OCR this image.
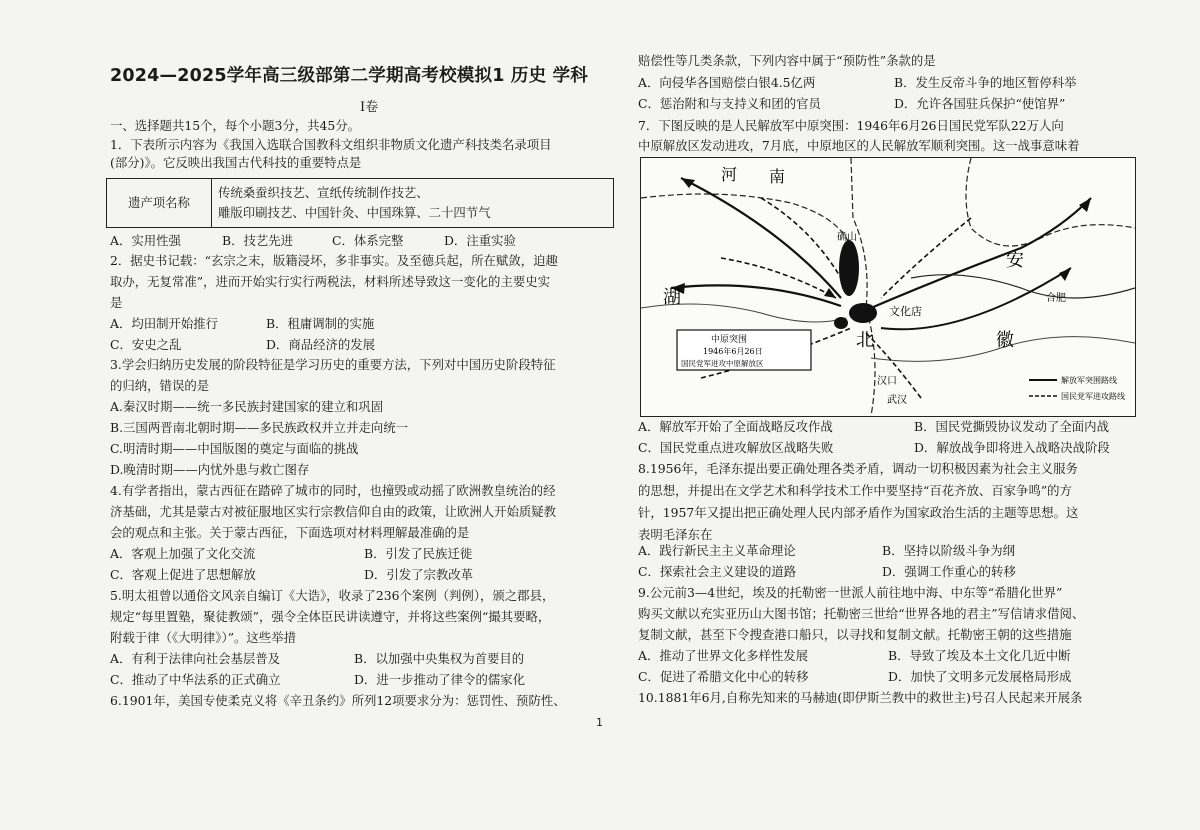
2024—2025学年高三级部第二学期高考校模拟1 历史 学科
I卷
一、选择题共15个，每个小题3分，共45分。
1．下表所示内容为《我国入选联合国教科文组织非物质文化遗产科技类名录项目
(部分)》。它反映出我国古代科技的重要特点是
遗产项名称	
传统桑蚕织技艺、宣纸传统制作技艺、
雕版印刷技艺、中国针灸、中国珠算、二十四节气
A．实用性强	B．技艺先进	C．体系完整	D．注重实验
2．据史书记载：“玄宗之末，版籍浸坏，多非事实。及至德兵起，所在赋敛，迫趣
取办，无复常准”，进而开始实行实行两税法，材料所述导致这一变化的主要史实
是
A．均田制开始推行	B．租庸调制的实施
C．安史之乱	D．商品经济的发展
3.学会归纳历史发展的阶段特征是学习历史的重要方法，下列对中国历史阶段特征
的归纳，错误的是
A.秦汉时期——统一多民族封建国家的建立和巩固
B.三国两晋南北朝时期——多民族政权并立并走向统一
C.明清时期——中国版图的奠定与面临的挑战
D.晚清时期——内忧外患与救亡图存
4.有学者指出，蒙古西征在踏碎了城市的同时，也撞毁或动摇了欧洲教皇统治的经
济基础，尤其是蒙古对被征服地区实行宗教信仰自由的政策，让欧洲人开始质疑教
会的观点和主张。关于蒙古西征，下面选项对材料理解最准确的是
A．客观上加强了文化交流	B．引发了民族迁徙
C．客观上促进了思想解放	D．引发了宗教改革
5.明太祖曾以通俗文风亲自编订《大诰》，收录了236个案例（判例），颁之郡县，
规定“每里置塾，聚徒教颂”，强令全体臣民讲读遵守，并将这些案例“撮其要略，
附载于律（《大明律》）”。这些举措
A．有利于法律向社会基层普及	B．以加强中央集权为首要目的
C．推动了中华法系的正式确立	D．进一步推动了律令的儒家化
6.1901年，美国专使柔克义将《辛丑条约》所列12项要求分为：惩罚性、预防性、
1
赔偿性等几类条款，下列内容中属于“预防性”条款的是
A．向侵华各国赔偿白银4.5亿两	B．发生反帝斗争的地区暂停科举
C．惩治附和与支持义和团的官员	D．允许各国驻兵保护“使馆界”
7．下图反映的是人民解放军中原突围：1946年6月26日国民党军队22万人向
中原解放区发动进攻，7月底，中原地区的人民解放军顺利突围。这一战事意味着
河 南
湖
北
安
徽
文化店
合肥
确山
汉口
武汉
中原突围
1946年6月26日
国民党军进攻中原解放区
解放军突围路线
国民党军进攻路线
A．解放军开始了全面战略反攻作战	B．国民党撕毁协议发动了全面内战
C．国民党重点进攻解放区战略失败	D．解放战争即将进入战略决战阶段
8.1956年，毛泽东提出要正确处理各类矛盾，调动一切积极因素为社会主义服务
的思想，并提出在文学艺术和科学技术工作中要坚持“百花齐放、百家争鸣”的方
针，1957年又提出把正确处理人民内部矛盾作为国家政治生活的主题等思想。这
表明毛泽东在
A．践行新民主主义革命理论	B．坚持以阶级斗争为纲
C．探索社会主义建设的道路	D．强调工作重心的转移
9.公元前3—4世纪，埃及的托勒密一世派人前往地中海、中东等“希腊化世界”
购买文献以充实亚历山大图书馆；托勒密三世给“世界各地的君主”写信请求借阅、
复制文献，甚至下令搜查港口船只，以寻找和复制文献。托勒密王朝的这些措施
A．推动了世界文化多样性发展	B．导致了埃及本土文化几近中断
C．促进了希腊文化中心的转移	D．加快了文明多元发展格局形成
10.1881年6月,自称先知来的马赫迪(即伊斯兰教中的救世主)号召人民起来开展条
